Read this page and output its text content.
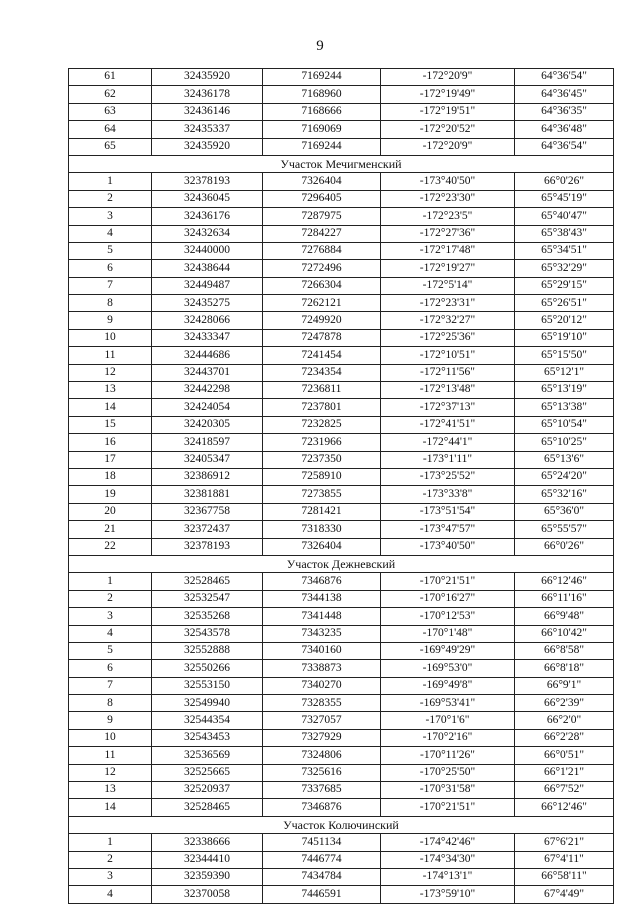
9
61	32435920	7169244	-172°20'9"	64°36'54"
62	32436178	7168960	-172°19'49"	64°36'45"
63	32436146	7168666	-172°19'51"	64°36'35"
64	32435337	7169069	-172°20'52"	64°36'48"
65	32435920	7169244	-172°20'9"	64°36'54"
Участок Мечигменский				
1	32378193	7326404	-173°40'50"	66°0'26"
2	32436045	7296405	-172°23'30"	65°45'19"
3	32436176	7287975	-172°23'5"	65°40'47"
4	32432634	7284227	-172°27'36"	65°38'43"
5	32440000	7276884	-172°17'48"	65°34'51"
6	32438644	7272496	-172°19'27"	65°32'29"
7	32449487	7266304	-172°5'14"	65°29'15"
8	32435275	7262121	-172°23'31"	65°26'51"
9	32428066	7249920	-172°32'27"	65°20'12"
10	32433347	7247878	-172°25'36"	65°19'10"
11	32444686	7241454	-172°10'51"	65°15'50"
12	32443701	7234354	-172°11'56"	65°12'1"
13	32442298	7236811	-172°13'48"	65°13'19"
14	32424054	7237801	-172°37'13"	65°13'38"
15	32420305	7232825	-172°41'51"	65°10'54"
16	32418597	7231966	-172°44'1"	65°10'25"
17	32405347	7237350	-173°1'11"	65°13'6"
18	32386912	7258910	-173°25'52"	65°24'20"
19	32381881	7273855	-173°33'8"	65°32'16"
20	32367758	7281421	-173°51'54"	65°36'0"
21	32372437	7318330	-173°47'57"	65°55'57"
22	32378193	7326404	-173°40'50"	66°0'26"
Участок Дежневский				
1	32528465	7346876	-170°21'51"	66°12'46"
2	32532547	7344138	-170°16'27"	66°11'16"
3	32535268	7341448	-170°12'53"	66°9'48"
4	32543578	7343235	-170°1'48"	66°10'42"
5	32552888	7340160	-169°49'29"	66°8'58"
6	32550266	7338873	-169°53'0"	66°8'18"
7	32553150	7340270	-169°49'8"	66°9'1"
8	32549940	7328355	-169°53'41"	66°2'39"
9	32544354	7327057	-170°1'6"	66°2'0"
10	32543453	7327929	-170°2'16"	66°2'28"
11	32536569	7324806	-170°11'26"	66°0'51"
12	32525665	7325616	-170°25'50"	66°1'21"
13	32520937	7337685	-170°31'58"	66°7'52"
14	32528465	7346876	-170°21'51"	66°12'46"
Участок Колючинский				
1	32338666	7451134	-174°42'46"	67°6'21"
2	32344410	7446774	-174°34'30"	67°4'11"
3	32359390	7434784	-174°13'1"	66°58'11"
4	32370058	7446591	-173°59'10"	67°4'49"
